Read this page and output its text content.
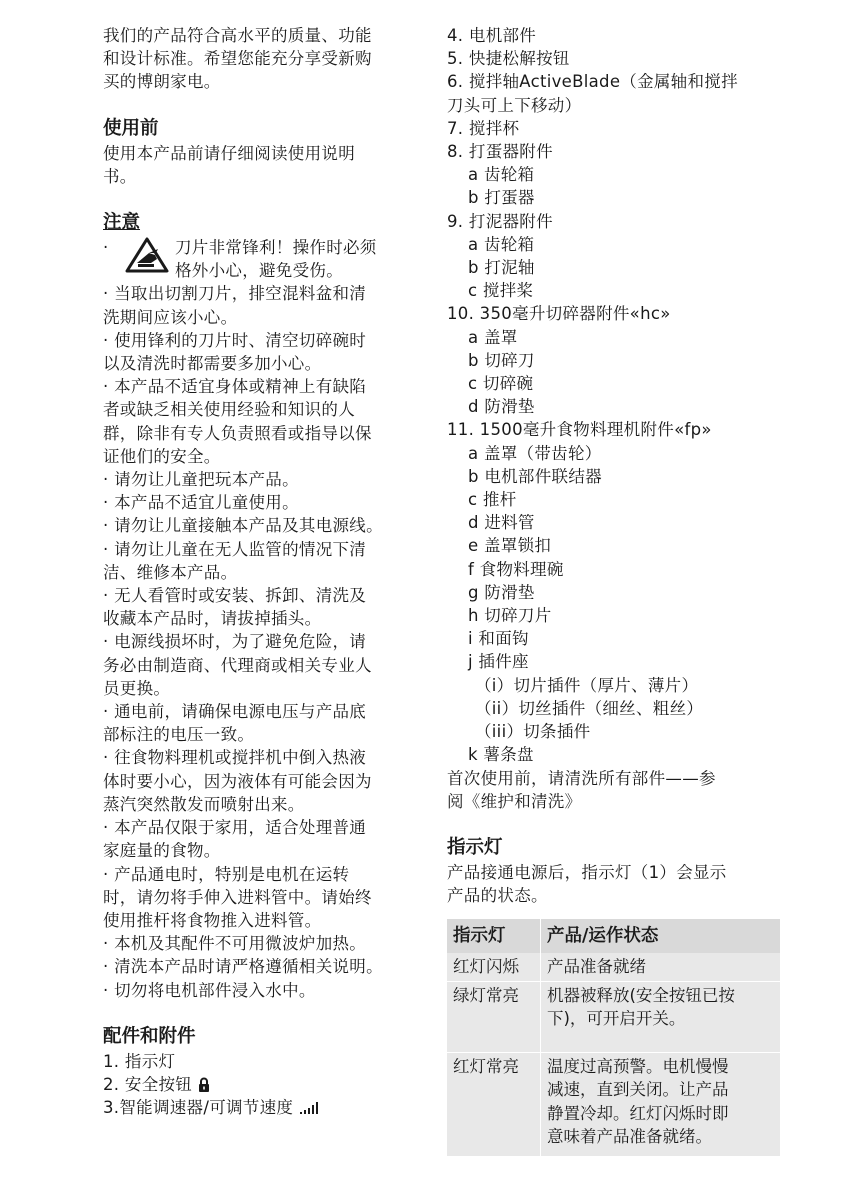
我们的产品符合高水平的质量、功能

和设计标准。希望您能充分享受新购

买的博朗家电。

使用前

使用本产品前请仔细阅读使用说明

书。

注意

·	刀片非常锋利！操作时必须

格外小心，避免受伤。

· 当取出切割刀片，排空混料盆和清

洗期间应该小心。

· 使用锋利的刀片时、清空切碎碗时

以及清洗时都需要多加小心。

· 本产品不适宜身体或精神上有缺陷

者或缺乏相关使用经验和知识的人

群，除非有专人负责照看或指导以保

证他们的安全。

· 请勿让儿童把玩本产品。

· 本产品不适宜儿童使用。

· 请勿让儿童接触本产品及其电源线。

· 请勿让儿童在无人监管的情况下清

洁、维修本产品。

· 无人看管时或安装、拆卸、清洗及

收藏本产品时，请拔掉插头。

· 电源线损坏时，为了避免危险，请

务必由制造商、代理商或相关专业人

员更换。

· 通电前，请确保电源电压与产品底

部标注的电压一致。

· 往食物料理机或搅拌机中倒入热液

体时要小心，因为液体有可能会因为

蒸汽突然散发而喷射出来。

· 本产品仅限于家用，适合处理普通

家庭量的食物。

· 产品通电时，特别是电机在运转

时，请勿将手伸入进料管中。请始终

使用推杆将食物推入进料管。

· 本机及其配件不可用微波炉加热。

· 清洗本产品时请严格遵循相关说明。

· 切勿将电机部件浸入水中。

配件和附件

1. 指示灯

2. 安全按钮

3.智能调速器/可调节速度

4. 电机部件

5. 快捷松解按钮

6. 搅拌轴ActiveBlade（金属轴和搅拌

刀头可上下移动）

7. 搅拌杯

8. 打蛋器附件

a 齿轮箱

b 打蛋器

9. 打泥器附件

a 齿轮箱

b 打泥轴

c 搅拌桨

10. 350毫升切碎器附件«hc»

a 盖罩

b 切碎刀

c 切碎碗

d 防滑垫

11. 1500毫升食物料理机附件«fp»

a 盖罩（带齿轮）

b 电机部件联结器

c 推杆

d 进料管

e 盖罩锁扣

f 食物料理碗

g 防滑垫

h 切碎刀片

i 和面钩

j 插件座

（i）切片插件（厚片、薄片）

（ii）切丝插件（细丝、粗丝）

（iii）切条插件

k 薯条盘

首次使用前，请清洗所有部件——参

阅《维护和清洗》

指示灯

产品接通电源后，指示灯（1）会显示

产品的状态。

指示灯	产品/运作状态
红灯闪烁	产品准备就绪

绿灯常亮	机器被释放(安全按钮已按
下)，可开启开关。

红灯常亮	温度过高预警。电机慢慢
减速，直到关闭。让产品
静置冷却。红灯闪烁时即
意味着产品准备就绪。
